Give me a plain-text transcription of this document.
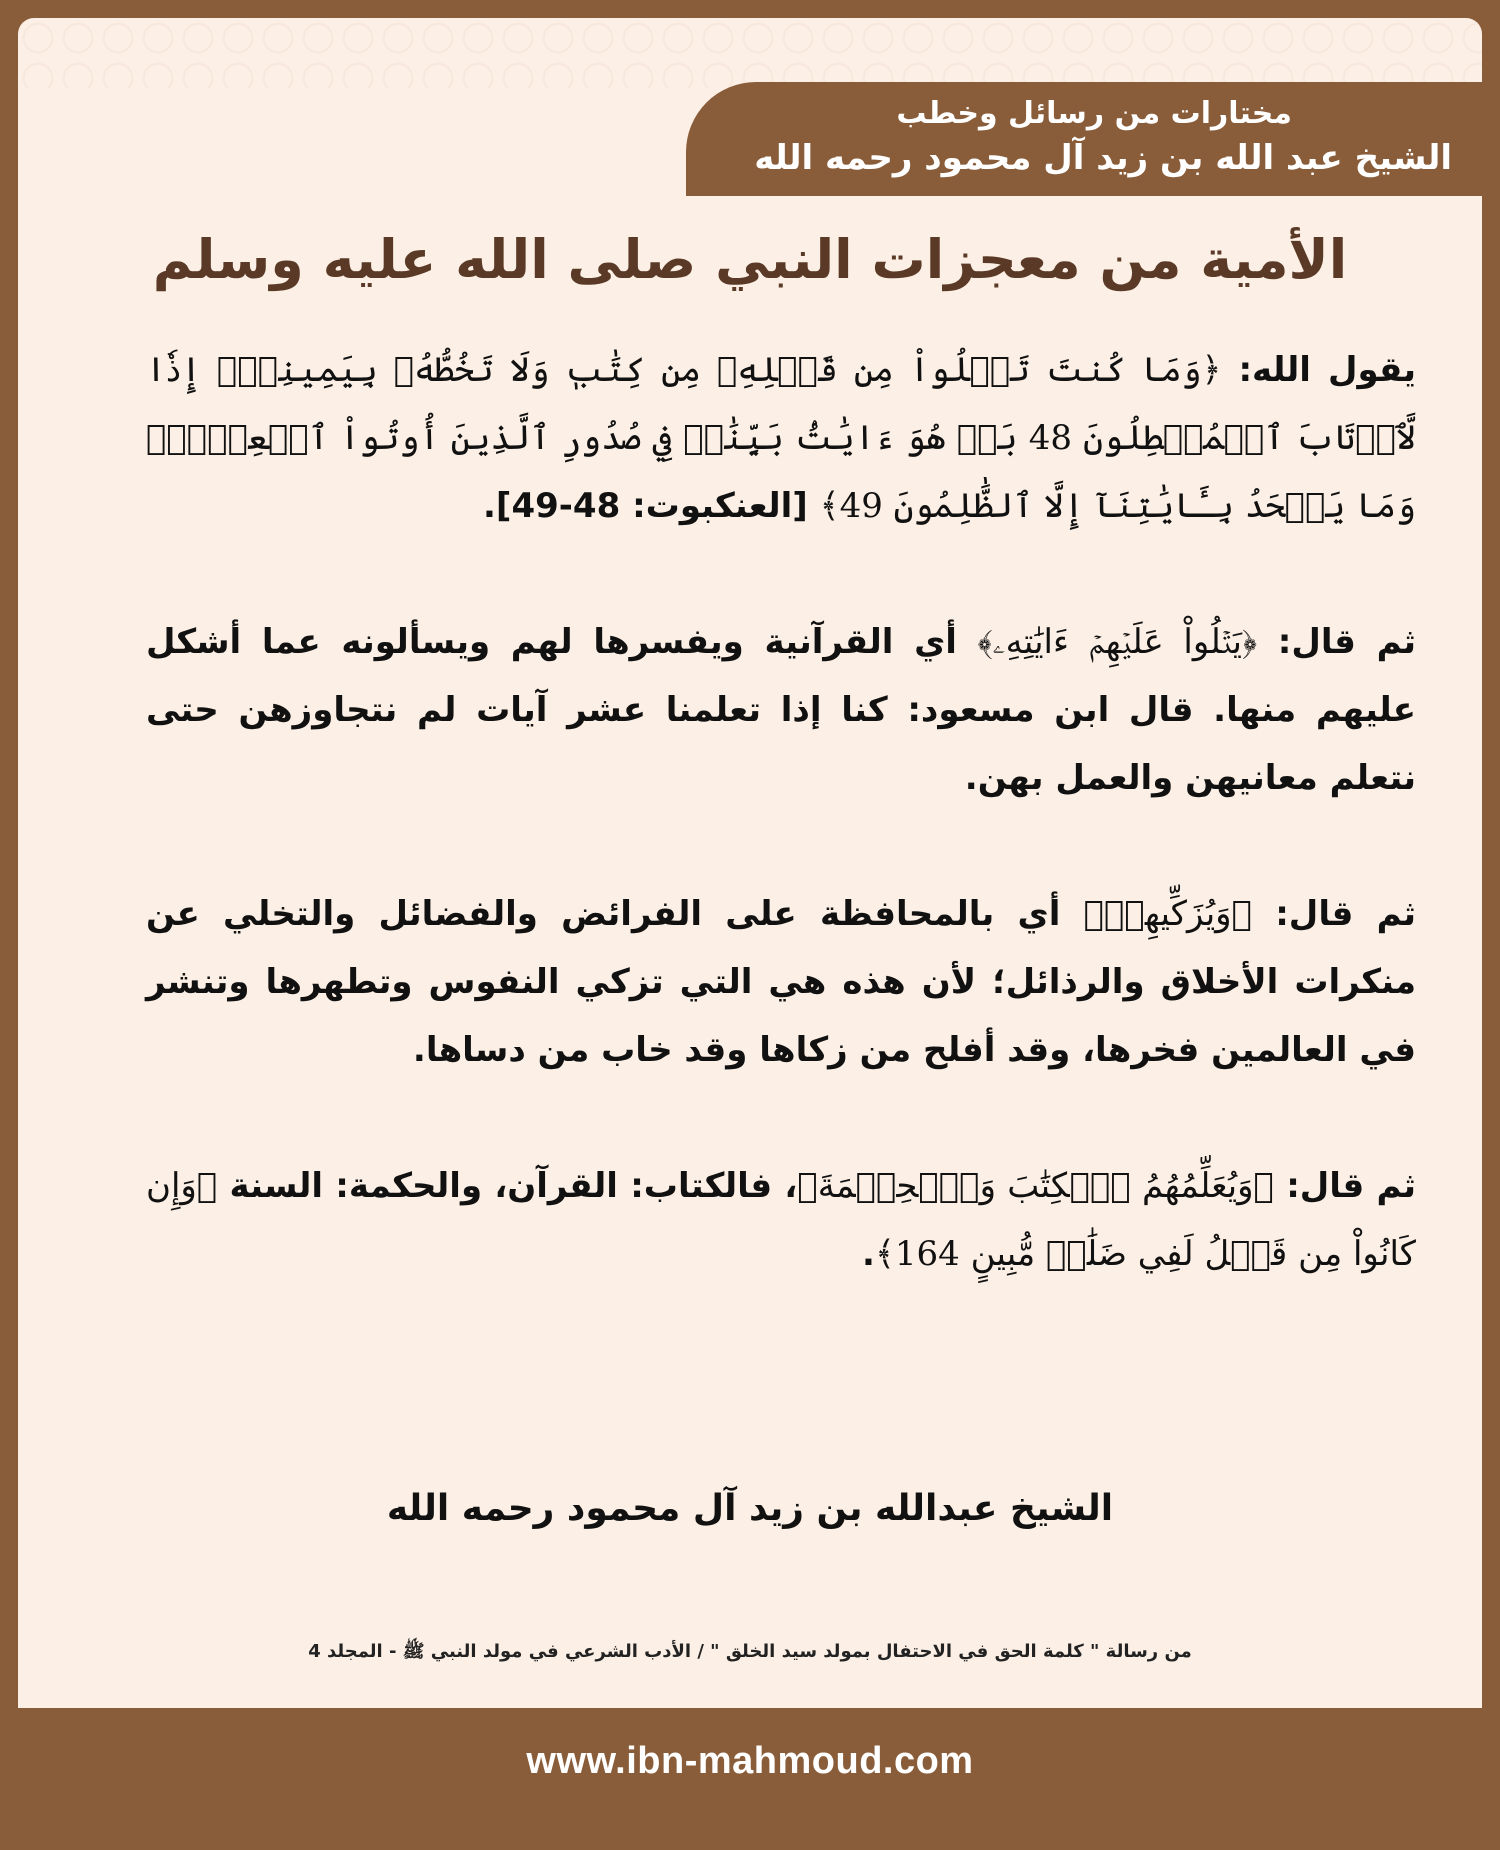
مختارات من رسائل وخطب
الشيخ عبد الله بن زيد آل محمود رحمه الله
الأمية من معجزات النبي صلى الله عليه وسلم

يقول الله: ﴿وَمَا كُنتَ تَتۡلُواْ مِن قَبۡلِهِۦ مِن كِتَٰبٖ وَلَا تَخُطُّهُۥ بِيَمِينِكَۖ إِذٗا لَّٱرۡتَابَ ٱلۡمُبۡطِلُونَ 48 بَلۡ هُوَ ءَايَٰتُۢ بَيِّنَٰتٞ فِي صُدُورِ ٱلَّذِينَ أُوتُواْ ٱلۡعِلۡمَۚ وَمَا يَجۡحَدُ بِـَٔايَٰتِنَآ إِلَّا ٱلظَّٰلِمُونَ 49﴾ [العنكبوت: 48-49].

ثم قال: ﴿يَتۡلُواْ عَلَيۡهِمۡ ءَايَٰتِهِۦ﴾ أي القرآنية ويفسرها لهم ويسألونه عما أشكل عليهم منها. قال ابن مسعود: كنا إذا تعلمنا عشر آيات لم نتجاوزهن حتى نتعلم معانيهن والعمل بهن.

ثم قال: ﴿وَيُزَكِّيهِمۡ﴾ أي بالمحافظة على الفرائض والفضائل والتخلي عن منكرات الأخلاق والرذائل؛ لأن هذه هي التي تزكي النفوس وتطهرها وتنشر في العالمين فخرها، وقد أفلح من زكاها وقد خاب من دساها.

ثم قال: ﴿وَيُعَلِّمُهُمُ ٱلۡكِتَٰبَ وَٱلۡحِكۡمَةَ﴾، فالكتاب: القرآن، والحكمة: السنة ﴿وَإِن كَانُواْ مِن قَبۡلُ لَفِي ضَلَٰلٖ مُّبِينٍ 164﴾.

الشيخ عبدالله بن زيد آل محمود رحمه الله
من رسالة " كلمة الحق في الاحتفال بمولد سيد الخلق " / الأدب الشرعي في مولد النبي ﷺ - المجلد 4
www.ibn-mahmoud.com
